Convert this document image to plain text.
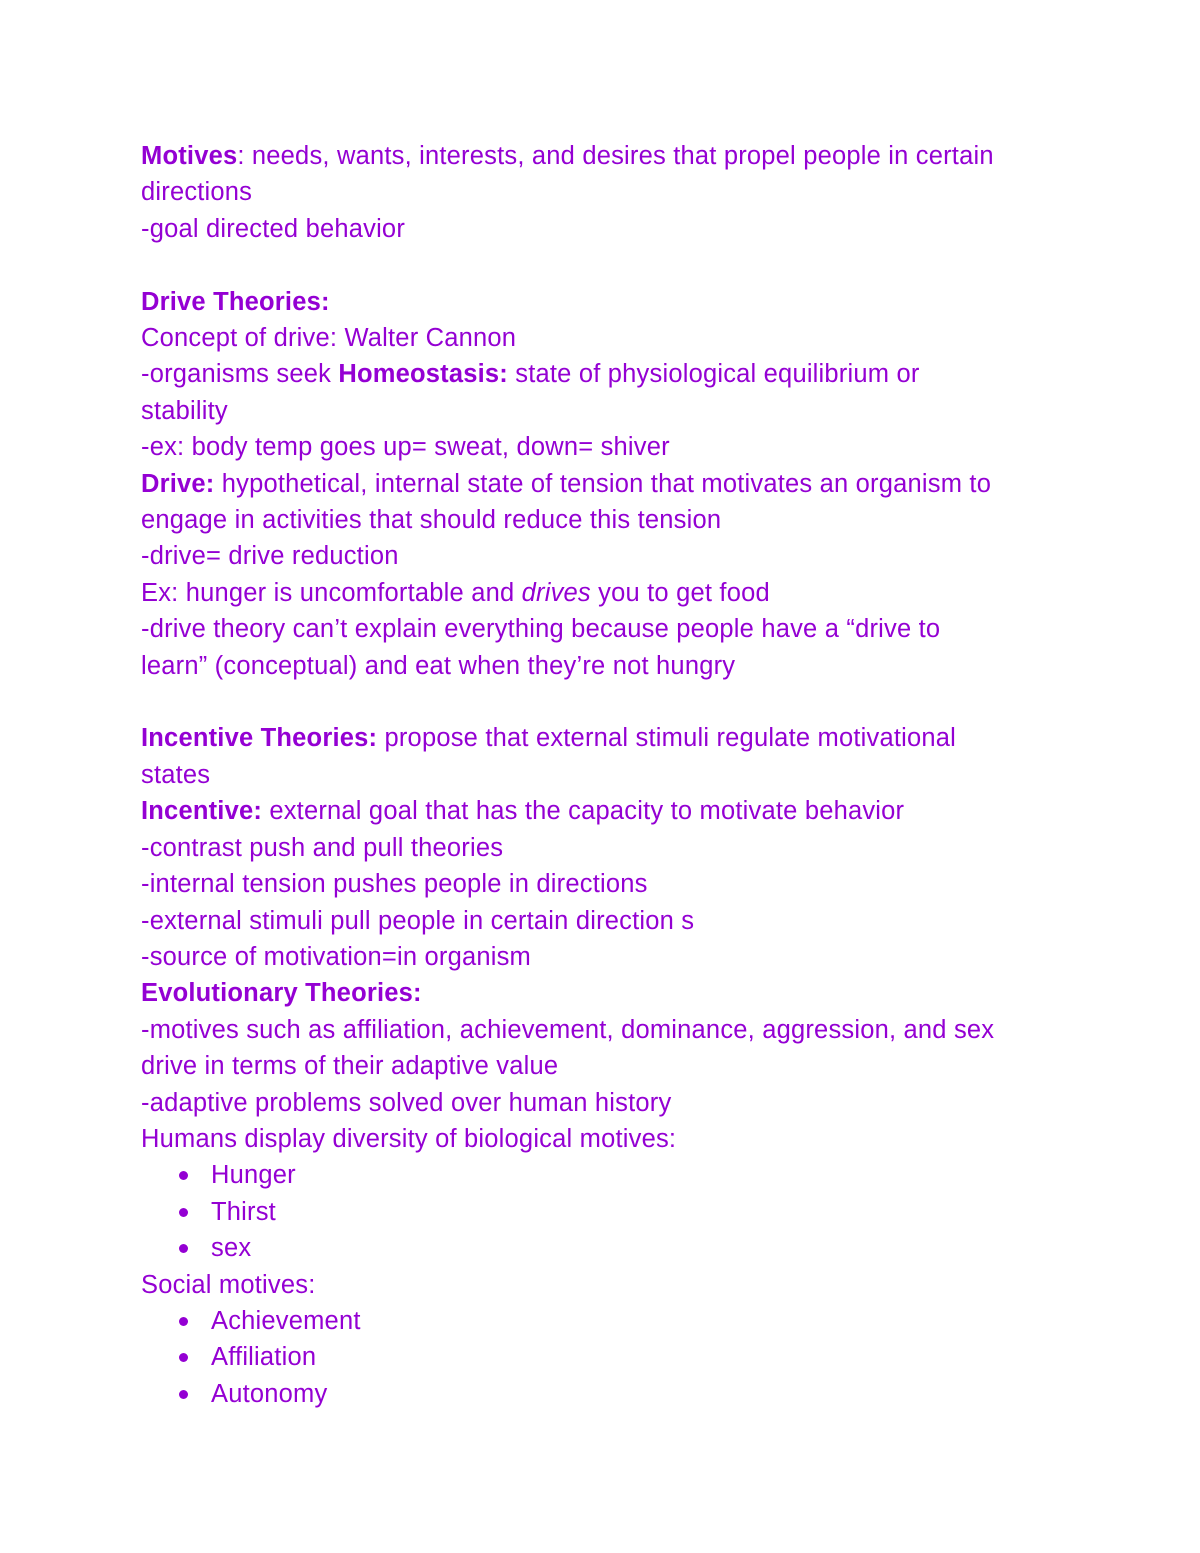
Motives: needs, wants, interests, and desires that propel people in certain
directions
-goal directed behavior
Drive Theories:
Concept of drive: Walter Cannon
-organisms seek Homeostasis: state of physiological equilibrium or
stability
-ex: body temp goes up= sweat, down= shiver
Drive: hypothetical, internal state of tension that motivates an organism to
engage in activities that should reduce this tension
-drive= drive reduction
Ex: hunger is uncomfortable and drives you to get food
-drive theory can’t explain everything because people have a “drive to
learn” (conceptual) and eat when they’re not hungry
Incentive Theories: propose that external stimuli regulate motivational
states
Incentive: external goal that has the capacity to motivate behavior
-contrast push and pull theories
-internal tension pushes people in directions
-external stimuli pull people in certain direction s
-source of motivation=in organism
Evolutionary Theories:
-motives such as affiliation, achievement, dominance, aggression, and sex
drive in terms of their adaptive value
-adaptive problems solved over human history
Humans display diversity of biological motives:
Hunger
Thirst
sex
Social motives:
Achievement
Affiliation
Autonomy
